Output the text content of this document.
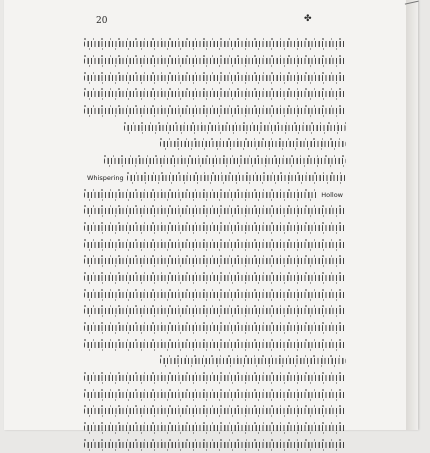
20	✤
Whispering
Hollow
